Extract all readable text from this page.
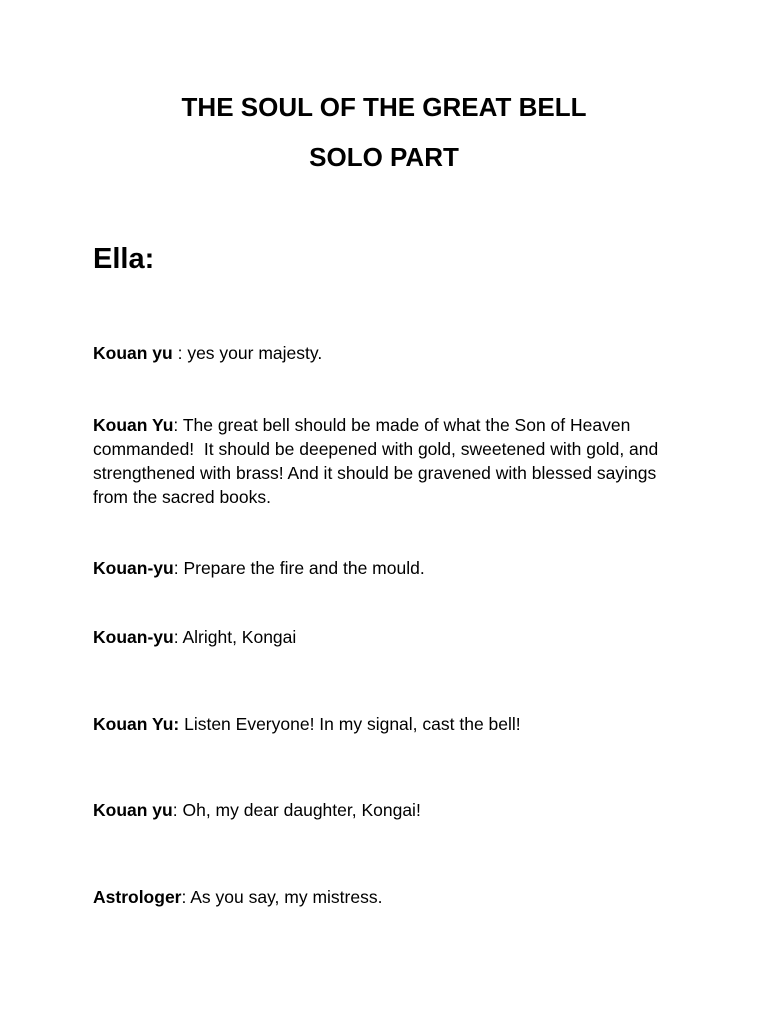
THE SOUL OF THE GREAT BELL
SOLO PART
Ella:

Kouan yu : yes your majesty.

Kouan Yu: The great bell should be made of what the Son of Heaven commanded!  It should be deepened with gold, sweetened with gold, and strengthened with brass! And it should be gravened with blessed sayings from the sacred books.

Kouan-yu: Prepare the fire and the mould.

Kouan-yu: Alright, Kongai

Kouan Yu: Listen Everyone! In my signal, cast the bell!

Kouan yu: Oh, my dear daughter, Kongai!

Astrologer: As you say, my mistress.
